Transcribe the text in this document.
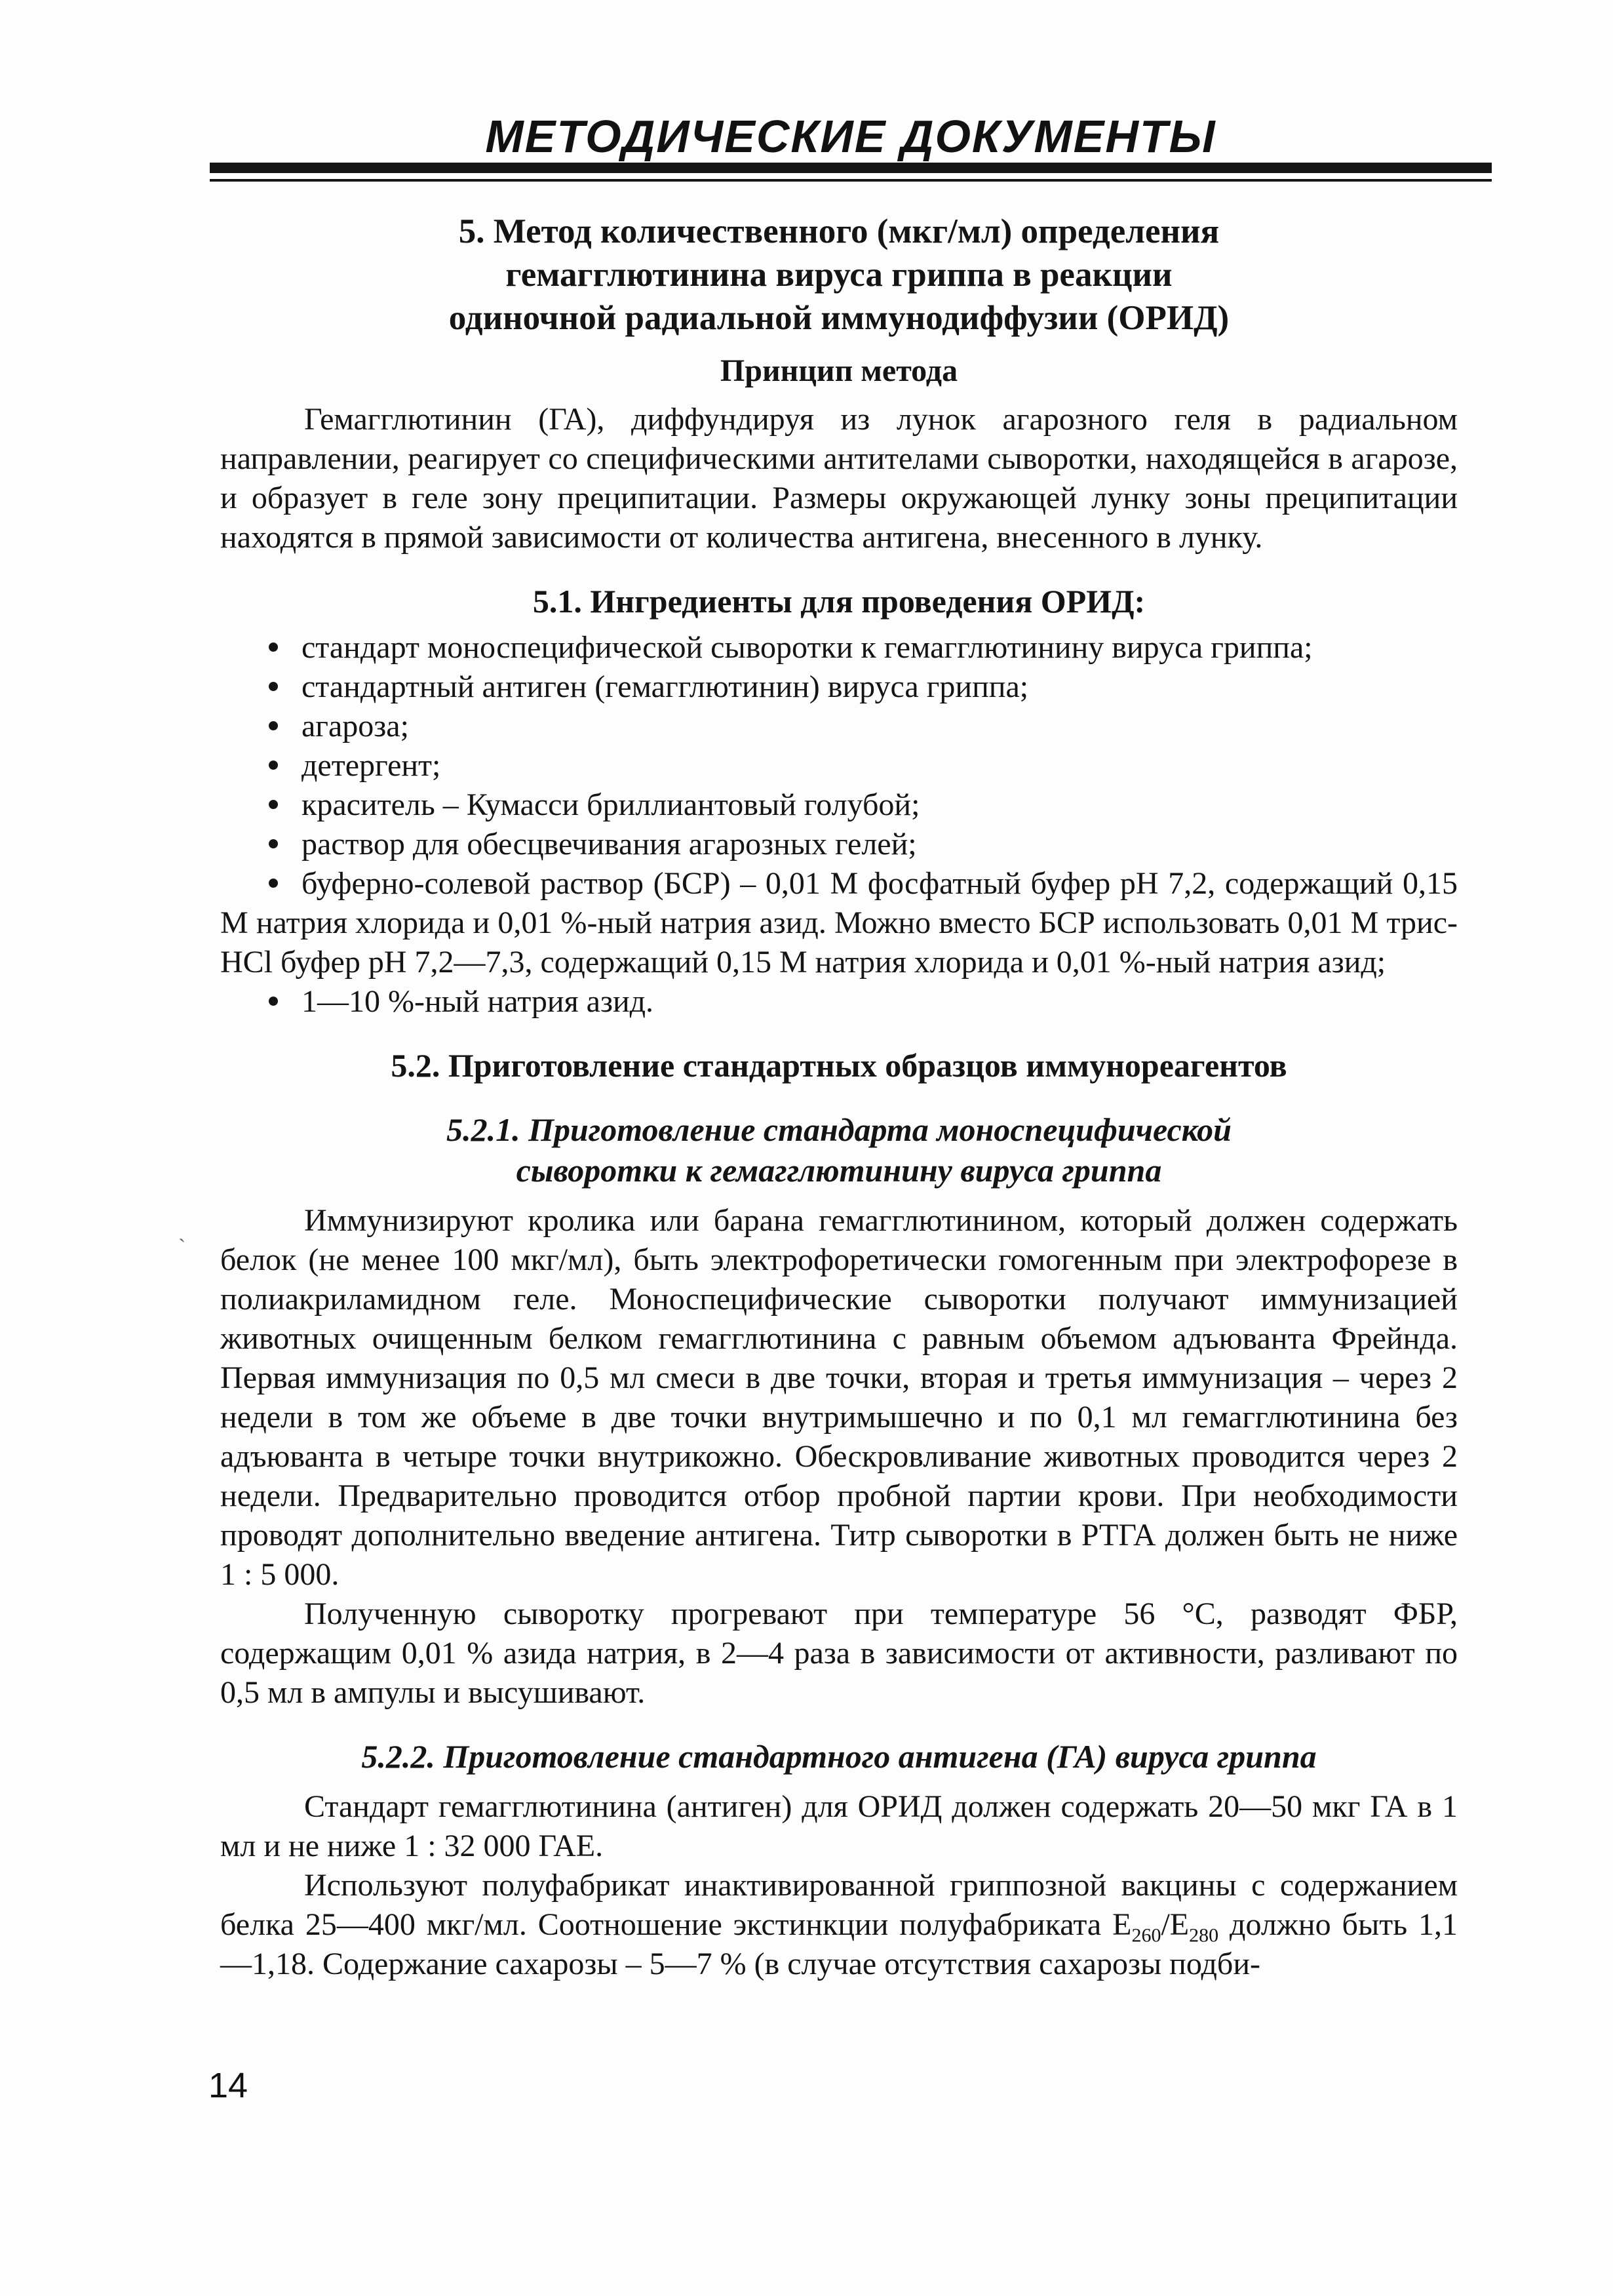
МЕТОДИЧЕСКИЕ ДОКУМЕНТЫ

5. Метод количественного (мкг/мл) определения

гемагглютинина вируса гриппа в реакции

одиночной радиальной иммунодиффузии (ОРИД)

Принцип метода

Гемагглютинин (ГА), диффундируя из лунок агарозного геля в радиальном направлении, реагирует со специфическими антителами сыворотки, находящейся в агарозе, и образует в геле зону преципитации. Размеры окружающей лунку зоны преципитации находятся в прямой зависимости от количества антигена, внесенного в лунку.

5.1. Ингредиенты для проведения ОРИД:

стандарт моноспецифической сыворотки к гемагглютинину вируса гриппа;
стандартный антиген (гемагглютинин) вируса гриппа;
агароза;
детергент;
краситель – Кумасси бриллиантовый голубой;
раствор для обесцвечивания агарозных гелей;
буферно-солевой раствор (БСР) – 0,01 М фосфатный буфер рН 7,2, содержащий 0,15 М натрия хлорида и 0,01 %-ный натрия азид. Можно вместо БСР использовать 0,01 М трис-HCl буфер рН 7,2—7,3, содержащий 0,15 М натрия хлорида и 0,01 %-ный натрия азид;
1—10 %-ный натрия азид.

5.2. Приготовление стандартных образцов иммунореагентов

5.2.1. Приготовление стандарта моноспецифической

сыворотки к гемагглютинину вируса гриппа

Иммунизируют кролика или барана гемагглютинином, который должен содержать белок (не менее 100 мкг/мл), быть электрофоретически гомогенным при электрофорезе в полиакриламидном геле. Моноспецифические сыворотки получают иммунизацией животных очищенным белком гемагглютинина с равным объемом адъюванта Фрейнда. Первая иммунизация по 0,5 мл смеси в две точки, вторая и третья иммунизация – через 2 недели в том же объеме в две точки внутримышечно и по 0,1 мл гемагглютинина без адъюванта в четыре точки внутрикожно. Обескровливание животных проводится через 2 недели. Предварительно проводится отбор пробной партии крови. При необходимости проводят дополнительно введение антигена. Титр сыворотки в РТГА должен быть не ниже 1 : 5 000.

Полученную сыворотку прогревают при температуре 56 °С, разводят ФБР, содержащим 0,01 % азида натрия, в 2—4 раза в зависимости от активности, разливают по 0,5 мл в ампулы и высушивают.

5.2.2. Приготовление стандартного антигена (ГА) вируса гриппа

Стандарт гемагглютинина (антиген) для ОРИД должен содержать 20—50 мкг ГА в 1 мл и не ниже 1 : 32 000 ГАЕ.

Используют полуфабрикат инактивированной гриппозной вакцины с содержанием белка 25—400 мкг/мл. Соотношение экстинкции полуфабриката $Е_{260}/Е_{280}$ должно быть 1,1—1,18. Содержание сахарозы – 5—7 % (в случае отсутствия сахарозы подби-

ˋ
14
